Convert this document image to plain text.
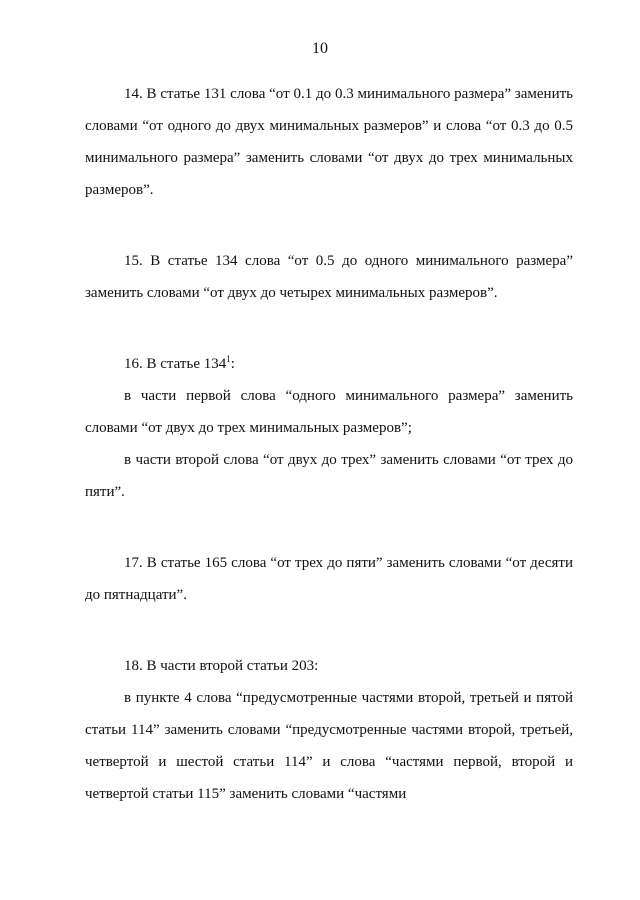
10

14. В статье 131 слова “от 0.1 до 0.3 минимального размера” заменить словами “от одного до двух минимальных размеров” и слова “от 0.3 до 0.5 минимального размера” заменить словами “от двух до трех минимальных размеров”.

15. В статье 134 слова “от 0.5 до одного минимального размера” заменить словами “от двух до четырех минимальных размеров”.

16. В статье $134^1$:

в части первой слова “одного минимального размера” заменить словами “от двух до трех минимальных размеров”;

в части второй слова “от двух до трех” заменить словами “от трех до пяти”.

17. В статье 165 слова “от трех до пяти” заменить словами “от десяти до пятнадцати”.

18. В части второй статьи 203:

в пункте 4 слова “предусмотренные частями второй, третьей и пятой статьи 114” заменить словами “предусмотренные частями второй, третьей, четвертой и шестой статьи 114” и слова “частями первой, второй и четвертой статьи 115” заменить словами “частями
